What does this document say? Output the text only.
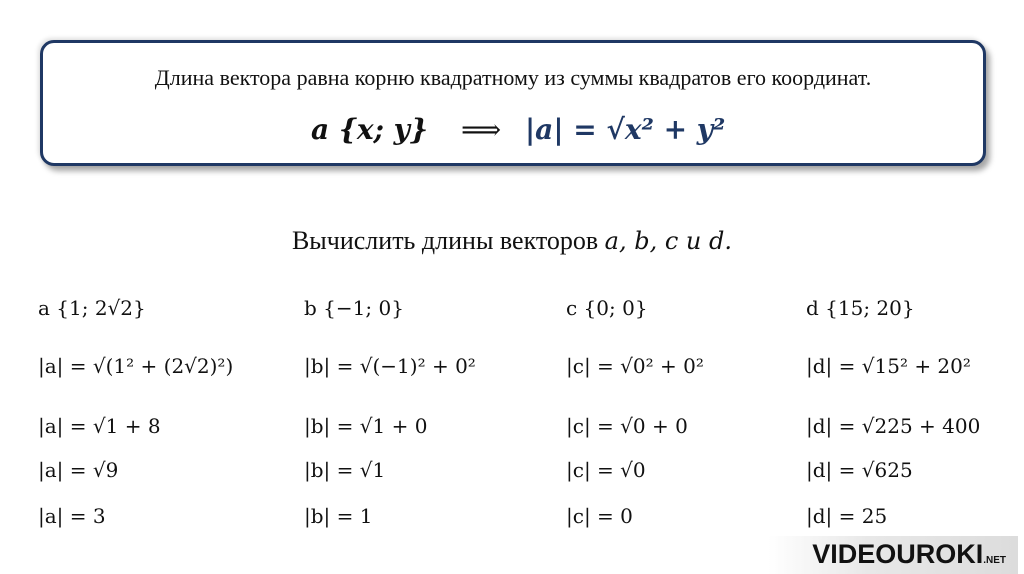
Длина вектора равна корню квадратному из суммы квадратов его координат.
a {x; y} ⟹ |a| = √x² + y²
Вычислить длины векторов a, b, c и d.
a {1; 2√2}
|a| = √(1² + (2√2)²)
|a| = √1 + 8
|a| = √9
|a| = 3
b {−1; 0}
|b| = √(−1)² + 0²
|b| = √1 + 0
|b| = √1
|b| = 1
c {0; 0}
|c| = √0² + 0²
|c| = √0 + 0
|c| = √0
|c| = 0
d {15; 20}
|d| = √15² + 20²
|d| = √225 + 400
|d| = √625
|d| = 25
VIDEOUROKI.NET
